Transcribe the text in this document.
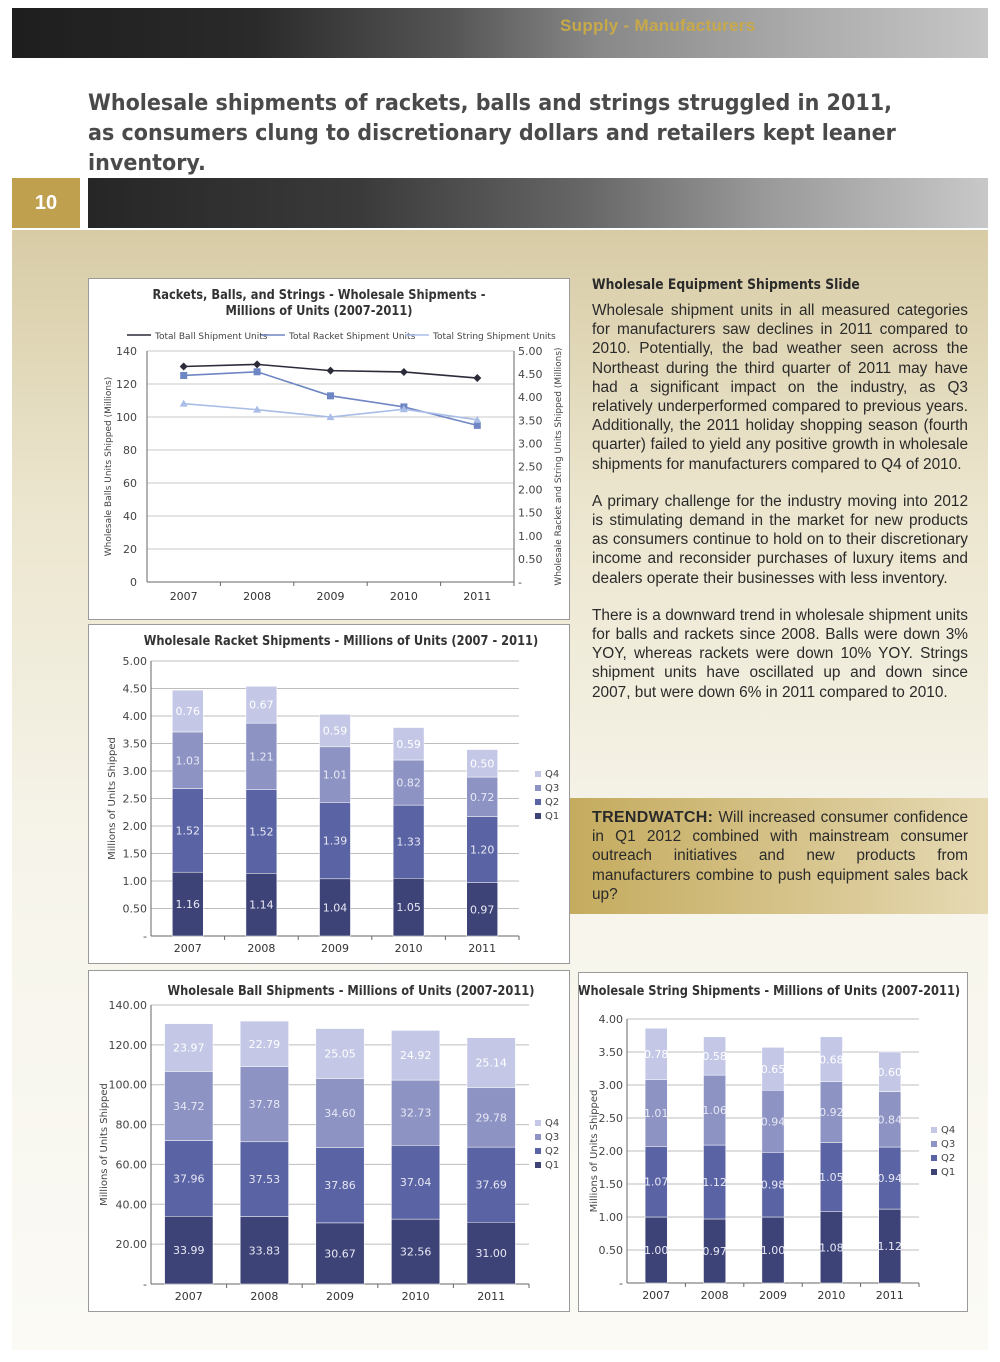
Supply - Manufacturers
Wholesale shipments of rackets, balls and strings struggled in 2011, as consumers clung to discretionary dollars and retailers kept leaner inventory.
10
Rackets, Balls, and Strings - Wholesale Shipments -
Millions of Units (2007-2011)
Total Ball Shipment Units Total Racket Shipment Units Total String Shipment Units
140
120
100
80
60
40
20
0
5.00
4.50
4.00
3.50
3.00
2.50
2.00
1.50
1.00
0.50
-
Wholesale Balls Units Shipped (Millions)	Wholesale Racket and String Units Shipped (Millions)
2007	2008	2009	2010	2011
Wholesale Racket Shipments - Millions of Units (2007 - 2011)
5.00
4.50
4.00
3.50
3.00
2.50
2.00
1.50
1.00
0.50
-
Millions of Units Shipped
2007
1.16
1.52
1.03
0.76
2008
1.14
1.52
1.21
0.67
2009
1.04
1.39
1.01
0.59
2010
1.05
1.33
0.82
0.59
2011
0.97
1.20
0.72
0.50
Q4
Q3
Q2
Q1
Wholesale Ball Shipments - Millions of Units (2007-2011)
140.00
120.00
100.00
80.00
60.00
40.00
20.00
-
Millions of Units Shipped
2007
33.99
37.96
34.72
23.97
2008
33.83
37.53
37.78
22.79
2009
30.67
37.86
34.60
25.05
2010
32.56
37.04
32.73
24.92
2011
31.00
37.69
29.78
25.14
Q4
Q3
Q2
Q1
Wholesale String Shipments - Millions of Units (2007-2011)
4.00
3.50
3.00
2.50
2.00
1.50
1.00
0.50
-
Millions of Units Shipped
2007
1.00
1.07
1.01
0.78
2008
0.97
1.12
1.06
0.58
2009
1.00
0.98
0.94
0.65
2010
1.08
1.05
0.92
0.68
2011
1.12
0.94
0.84
0.60
Q4
Q3
Q2
Q1
Wholesale Equipment Shipments Slide

Wholesale shipment units in all measured categories for manufacturers saw declines in 2011 compared to 2010. Potentially, the bad weather seen across the Northeast during the third quarter of 2011 may have had a significant impact on the industry, as Q3 relatively underperformed compared to previous years. Additionally, the 2011 holiday shopping season (fourth quarter) failed to yield any positive growth in wholesale shipments for manufacturers compared to Q4 of 2010.

A primary challenge for the industry moving into 2012 is stimulating demand in the market for new products as consumers continue to hold on to their discretionary income and reconsider purchases of luxury items and dealers operate their businesses with less inventory.

There is a downward trend in wholesale shipment units for balls and rackets since 2008. Balls were down 3% YOY, whereas rackets were down 10% YOY. Strings shipment units have oscillated up and down since 2007, but were down 6% in 2011 compared to 2010.

TRENDWATCH: Will increased consumer confidence in Q1 2012 combined with mainstream consumer outreach initiatives and new products from manufacturers combine to push equipment sales back up?
